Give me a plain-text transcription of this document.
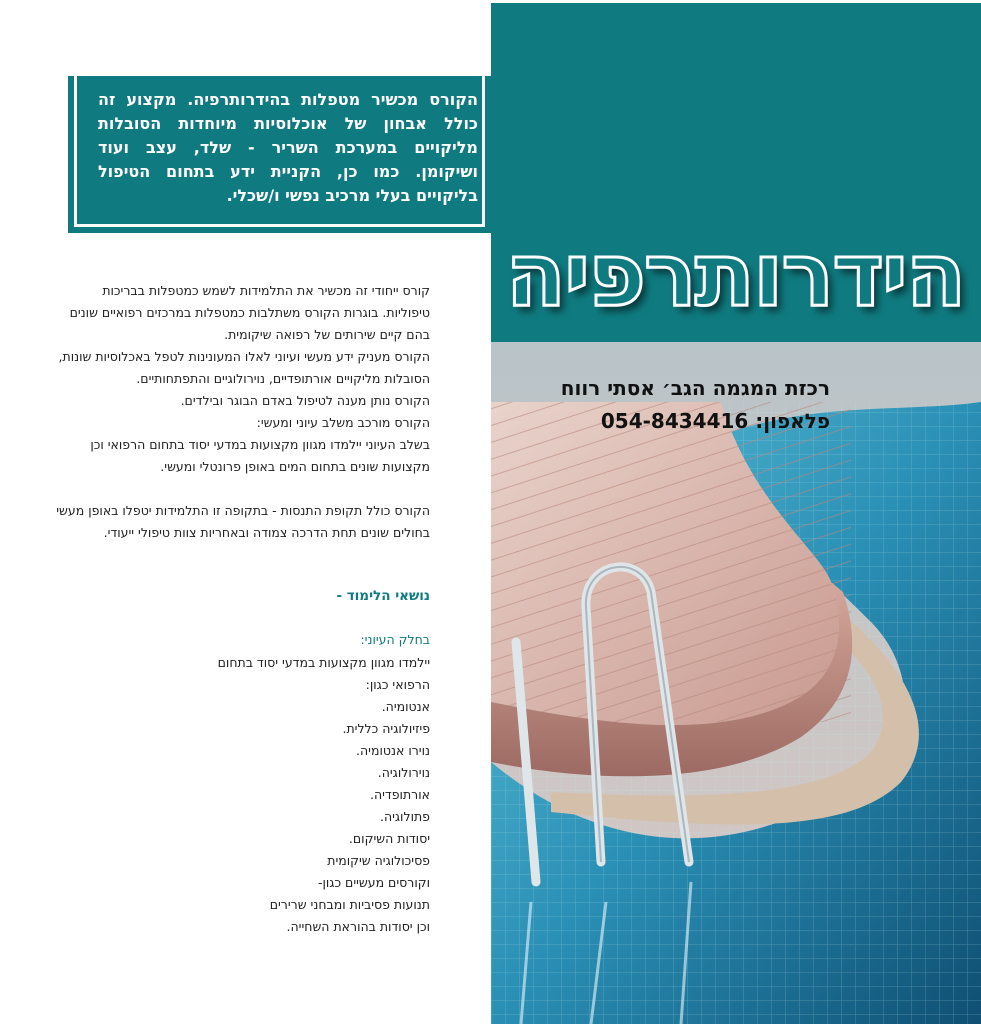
הקורס מכשיר מטפלות בהידרותרפיה. מקצוע זה כולל אבחון של אוכלוסיות מיוחדות הסובלות מליקויים במערכת השריר - שלד, עצב ועוד ושיקומן. כמו כן, הקניית ידע בתחום הטיפול בליקויים בעלי מרכיב נפשי ו/שכלי.
הידרותרפיה
רכזת המגמה הגב׳ אסתי רווח
פלאפון: 054-8434416

קורס ייחודי זה מכשיר את התלמידות לשמש כמטפלות בבריכות טיפוליות. בוגרות הקורס משתלבות כמטפלות במרכזים רפואיים שונים בהם קיים שירותים של רפואה שיקומית.

הקורס מעניק ידע מעשי ועיוני לאלו המעונינות לטפל באכלוסיות שונות, הסובלות מליקויים אורתופדיים, נוירולוגיים והתפתחותיים.

הקורס נותן מענה לטיפול באדם הבוגר ובילדים.

הקורס מורכב משלב עיוני ומעשי:

בשלב העיוני יילמדו מגוון מקצועות במדעי יסוד בתחום הרפואי וכן מקצועות שונים בתחום המים באופן פרונטלי ומעשי.

הקורס כולל תקופת התנסות - בתקופה זו התלמידות יטפלו באופן מעשי בחולים שונים תחת הדרכה צמודה ובאחריות צוות טיפולי ייעודי.

נושאי הלימוד -
בחלק העיוני:
יילמדו מגוון מקצועות במדעי יסוד בתחום
הרפואי כגון:
אנטומיה.
פיזיולוגיה כללית.
נוירו אנטומיה.
נוירולוגיה.
אורתופדיה.
פתולוגיה.
יסודות השיקום.
פסיכולוגיה שיקומית
וקורסים מעשיים כגון-
תנועות פסיביות ומבחני שרירים
וכן יסודות בהוראת השחייה.
